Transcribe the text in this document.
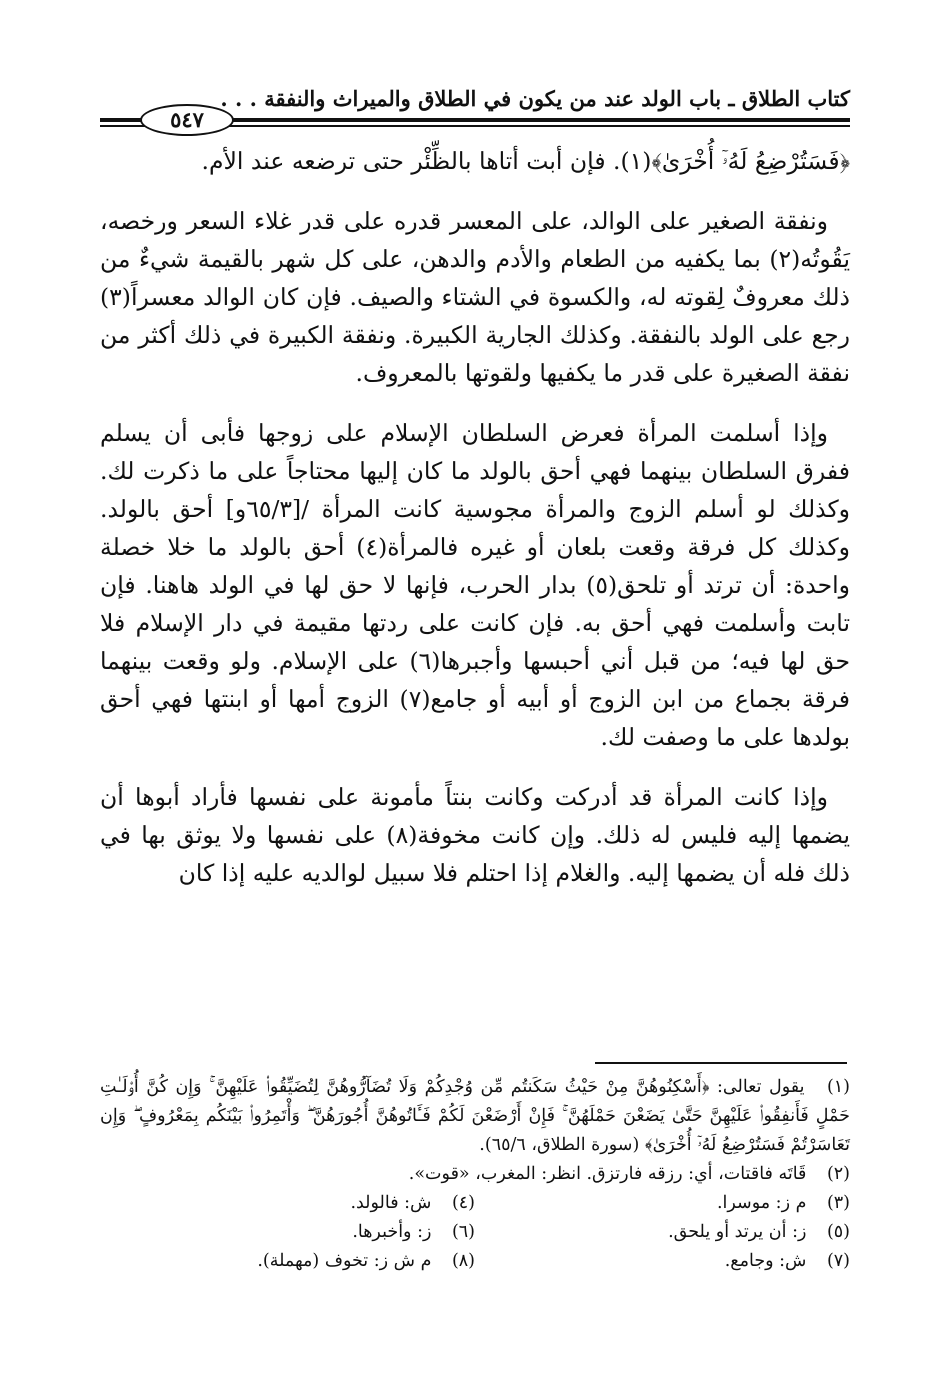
كتاب الطلاق ـ باب الولد عند من يكون في الطلاق والميراث والنفقة . . .
٥٤٧

﴿فَسَتُرْضِعُ لَهُۥٓ أُخْرَىٰ﴾(١). فإن أبت أتاها بالظِّئْر حتى ترضعه عند الأم.

ونفقة الصغير على الوالد، على المعسر قدره على قدر غلاء السعر ورخصه، يَقُوتُه(٢) بما يكفيه من الطعام والأدم والدهن، على كل شهر بالقيمة شيءٌ من ذلك معروفٌ لِقوته له، والكسوة في الشتاء والصيف. فإن كان الوالد معسراً(٣) رجع على الولد بالنفقة. وكذلك الجارية الكبيرة. ونفقة الكبيرة في ذلك أكثر من نفقة الصغيرة على قدر ما يكفيها ولقوتها بالمعروف.

وإذا أسلمت المرأة فعرض السلطان الإسلام على زوجها فأبى أن يسلم ففرق السلطان بينهما فهي أحق بالولد ما كان إليها محتاجاً على ما ذكرت لك. وكذلك لو أسلم الزوج والمرأة مجوسية كانت المرأة /[٦٥/٣و] أحق بالولد. وكذلك كل فرقة وقعت بلعان أو غيره فالمرأة(٤) أحق بالولد ما خلا خصلة واحدة: أن ترتد أو تلحق(٥) بدار الحرب، فإنها لا حق لها في الولد هاهنا. فإن تابت وأسلمت فهي أحق به. فإن كانت على ردتها مقيمة في دار الإسلام فلا حق لها فيه؛ من قبل أني أحبسها وأجبرها(٦) على الإسلام. ولو وقعت بينهما فرقة بجماع من ابن الزوج أو أبيه أو جامع(٧) الزوج أمها أو ابنتها فهي أحق بولدها على ما وصفت لك.

وإذا كانت المرأة قد أدركت وكانت بنتاً مأمونة على نفسها فأراد أبوها أن يضمها إليه فليس له ذلك. وإن كانت مخوفة(٨) على نفسها ولا يوثق بها في ذلك فله أن يضمها إليه. والغلام إذا احتلم فلا سبيل لوالديه عليه إذا كان

(١) يقول تعالى: ﴿أَسْكِنُوهُنَّ مِنْ حَيْثُ سَكَنتُم مِّن وُجْدِكُمْ وَلَا تُضَآرُّوهُنَّ لِتُضَيِّقُوا۟ عَلَيْهِنَّ ۚ وَإِن كُنَّ أُو۟لَـٰتِ حَمْلٍ فَأَنفِقُوا۟ عَلَيْهِنَّ حَتَّىٰ يَضَعْنَ حَمْلَهُنَّ ۚ فَإِنْ أَرْضَعْنَ لَكُمْ فَـَٔاتُوهُنَّ أُجُورَهُنَّ ۖ وَأْتَمِرُوا۟ بَيْنَكُم بِمَعْرُوفٍ ۖ وَإِن تَعَاسَرْتُمْ فَسَتُرْضِعُ لَهُۥٓ أُخْرَىٰ﴾ (سورة الطلاق، ٦٥/٦).

(٢) قَاتَه فاقتات، أي: رزقه فارتزق. انظر: المغرب، «قوت».

(٣) م ز: موسرا.
(٤) ش: فالولد.
(٥) ز: أن يرتد أو يلحق.
(٦) ز: وأخبرها.
(٧) ش: وجامع.
(٨) م ش ز: تخوف (مهملة).
